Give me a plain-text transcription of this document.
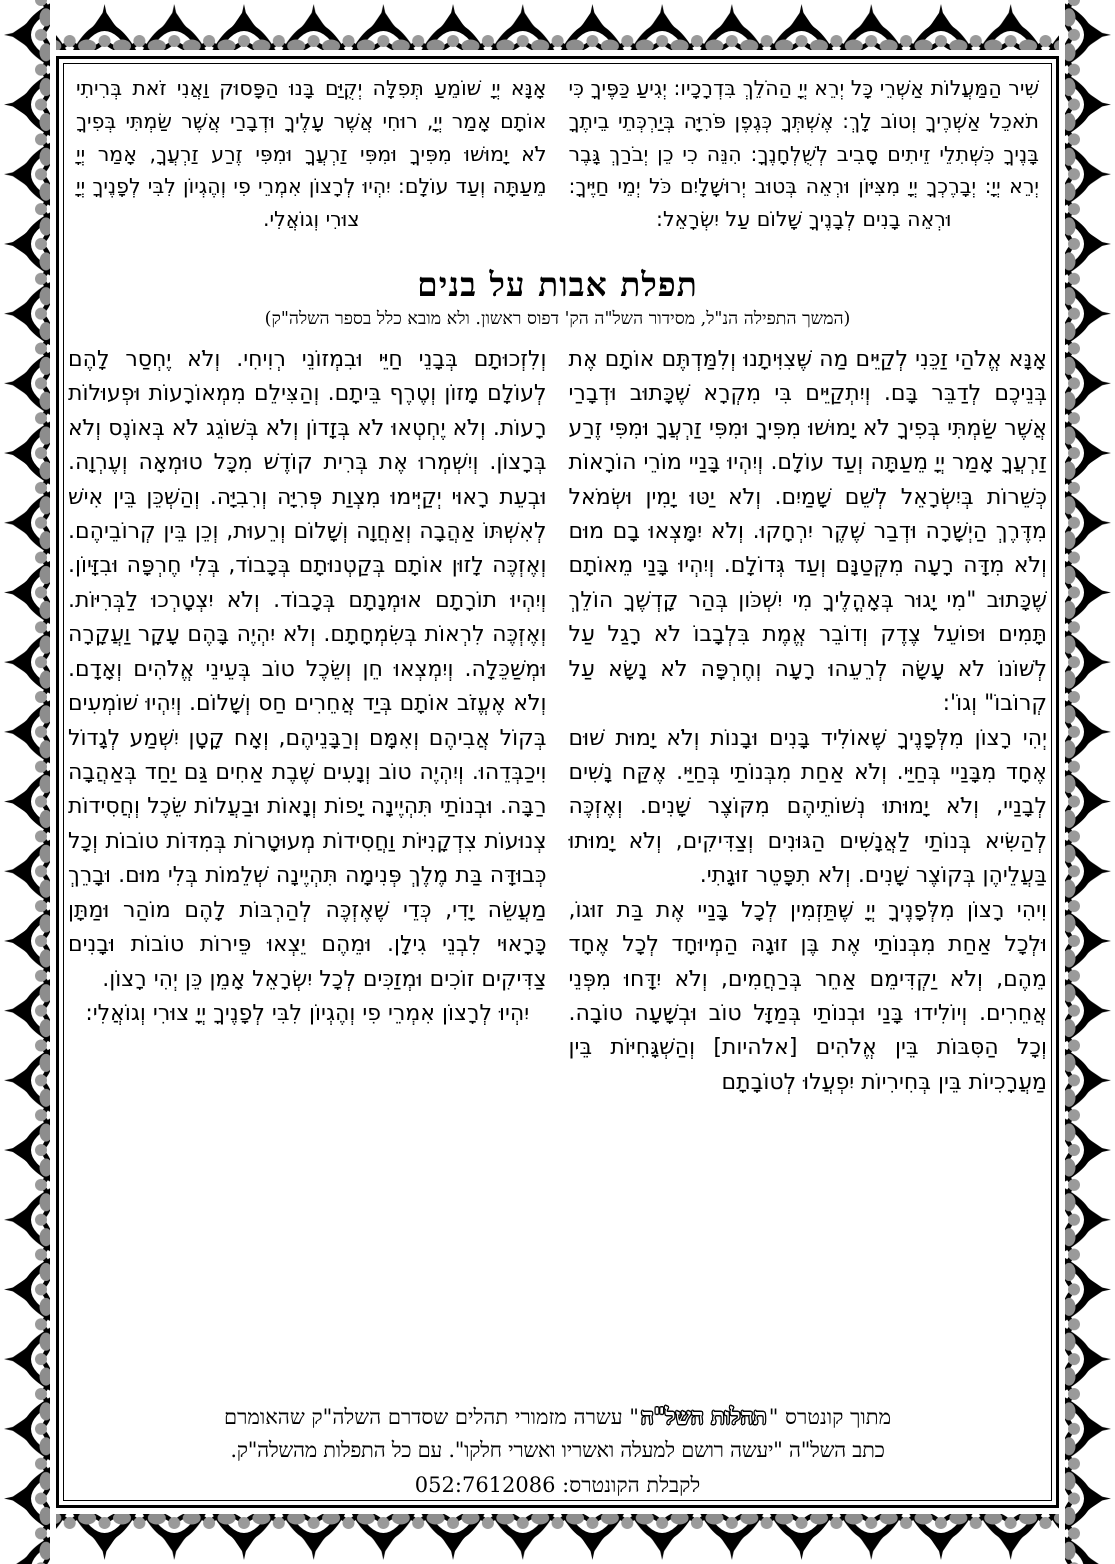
שִׁיר הַמַּעֲלוֹת אַשְׁרֵי כָּל יְרֵא יְיָ הַהֹלֵךְ בִּדְרָכָיו: יְגִיעַ כַּפֶּיךָ כִּי תֹאכֵל אַשְׁרֶיךָ וְטוֹב לָךְ: אֶשְׁתְּךָ כְּגֶפֶן פֹּרִיָּה בְּיַרְכְּתֵי בֵיתֶךָ בָּנֶיךָ כִּשְׁתִלֵי זֵיתִים סָבִיב לְשֻׁלְחָנֶךָ: הִנֵּה כִי כֵן יְבֹרַךְ גָּבֶר יְרֵא יְיָ: יְבָרֶכְךָ יְיָ מִצִּיּוֹן וּרְאֵה בְּטוּב יְרוּשָׁלָיִם כֹּל יְמֵי חַיֶּיךָ: וּרְאֵה בָנִים לְבָנֶיךָ שָׁלוֹם עַל יִשְׂרָאֵל:

אָנָּא יְיָ שׁוֹמֵעַ תְּפִלָּה יְקֻיַּם בָּנוּ הַפָּסוּק וַאֲנִי זֹאת בְּרִיתִי אוֹתָם אָמַר יְיָ, רוּחִי אֲשֶׁר עָלֶיךָ וּדְבָרַי אֲשֶׁר שַׂמְתִּי בְּפִיךָ לֹא יָמוּשׁוּ מִפִּיךָ וּמִפִּי זַרְעֲךָ וּמִפִּי זֶרַע זַרְעֲךָ, אָמַר יְיָ מֵעַתָּה וְעַד עוֹלָם: יִהְיוּ לְרָצוֹן אִמְרֵי פִי וְהֶגְיוֹן לִבִּי לְפָנֶיךָ יְיָ צוּרִי וְגוֹאֲלִי.

תפלת אבות על בנים

(המשך התפילה הנ"ל, מסידור השל"ה הק' דפוס ראשון. ולא מובא כלל בספר השלה"ק)

אָנָּא אֱלֹהַי זַכֵּנִי לְקַיֵּים מַה שֶּׁצִוִּיתָנוּ וְלִמַּדְתֶּם אוֹתָם אֶת בְּנֵיכֶם לְדַבֵּר בָּם. וְיִתְקַיֵּים בִּי מִקְרָא שֶׁכָּתוּב וּדְבָרַי אֲשֶׁר שַׂמְתִּי בְּפִיךָ לֹא יָמוּשׁוּ מִפִּיךָ וּמִפִּי זַרְעֲךָ וּמִפִּי זֶרַע זַרְעֲךָ אָמַר יְיָ מֵעַתָּה וְעַד עוֹלָם. וְיִהְיוּ בָּנַיי מוֹרֵי הוֹרָאוֹת כְּשֵׁרוֹת בְּיִשְׂרָאֵל לְשֵׁם שָׁמַיִם. וְלֹא יַטּוּ יָמִין וּשְׂמֹאל מִדֶּרֶךְ הַיְשָׁרָה וּדְבַר שֶׁקֶר יִרְחָקוּ. וְלֹא יִמָּצְאוּ בָם מוּם וְלֹא מִדָּה רָעָה מִקְּטַנָּם וְעַד גְּדוֹלָם. וְיִהְיוּ בָּנַי מֵאוֹתָם שֶׁכָּתוּב "מִי יָגוּר בְּאָהֳלֶיךָ מִי יִשְׁכֹּון בְּהַר קָדְשֶׁךָ הוֹלֵךְ תָּמִים וּפוֹעֵל צֶדֶק וְדוֹבֵר אֱמֶת בִּלְבָבוֹ לֹא רָגַל עַל לְשׁוֹנוֹ לֹא עָשָׂה לְרֵעֵהוּ רָעָה וְחֶרְפָּה לֹא נָשָׂא עַל קְרוֹבוֹ" וְגוֹ':

יְהִי רָצוֹן מִלְּפָנֶיךָ שֶׁאוֹלִיד בָּנִים וּבָנוֹת וְלֹא יָמוּת שׁוּם אֶחָד מִבָּנַיי בְּחַיַּי. וְלֹא אַחַת מִבְּנוֹתַי בְּחַיַּי. אֶקַּח נָשִׁים לְבָנַיי, וְלֹא יָמוּתוּ נְשׁוֹתֵיהֶם מִקּוֹצֶר שָׁנִים. וְאֶזְכֶּה לְהַשִּׂיא בְּנוֹתַי לַאֲנָשִׁים הַגּוּנִים וְצַדִּיקִים, וְלֹא יָמוּתוּ בַּעֲלֵיהֶן בְּקוֹצֶר שָׁנִים. וְלֹא תִפָּטֵר זוּגָתִי.

וִיהִי רָצוֹן מִלְּפָנֶיךָ יְיָ שֶׁתַּזְמִין לְכָל בָּנַיי אֶת בַּת זוּגוֹ, וּלְכָל אַחַת מִבְּנוֹתַי אֶת בֶּן זוּגָהּ הַמְיוּחָד לְכָל אֶחָד מֵהֶם, וְלֹא יַקְדִּימֵם אַחֵר בְּרַחֲמִים, וְלֹא יִדָּחוּ מִפְּנֵי אֲחֵרִים. וְיוֹלִידוּ בָּנַי וּבְנוֹתַי בְּמַזָּל טוֹב וּבְשָׁעָה טוֹבָה. וְכָל הַסִּבּוֹת בֵּין אֱלֹהִים [אלהיות] וְהַשְׁגָּחִיּוֹת בֵּין מַעֲרָכִיוֹת בֵּין בְּחִירִיוֹת יִפְעֲלוּ לְטוֹבָתָם

וְלִזְכוּתָם בְּבָנֵי חַיֵּי וּבִמְזוֹנֵי רְוִיחִי. וְלֹא יֶחְסַר לָהֶם לְעוֹלָם מָזוֹן וְטֶרֶף בֵּיתָם. וְהַצִּילֵם מִמְאוֹרָעוֹת וּפְעוּלוֹת רָעוֹת. וְלֹא יֶחְטְאוּ לֹא בְּזָדוֹן וְלֹא בְּשׁוֹגֵג לֹא בְּאוֹנֶס וְלֹא בְּרָצוֹן. וְיִשְׁמְרוּ אֶת בְּרִית קוֹדֶשׁ מִכָּל טוּמְאָה וְעֶרְוָה. וּבְעֵת רָאוּי יְקַיְּימוּ מִצְוַת פְּרִיָּה וְרִבִיָּה. וְהַשְׁכֵּן בֵּין אִישׁ לְאִשְׁתּוֹ אַהֲבָה וְאַחֲוָה וְשָׁלוֹם וְרֵעוּת, וְכֵן בֵּין קְרוֹבֵיהֶם. וְאֶזְכֶּה לָזוּן אוֹתָם בְּקַטְנוּתָם בְּכָבוֹד, בְּלִי חֶרְפָּה וּבִזָּיוֹן. וְיִהְיוּ תוֹרָתָם אוּמְנָתָם בְּכָבוֹד. וְלֹא יִצְטָרְכוּ לַבְּרִיּוֹת. וְאֶזְכֶּה לִרְאוֹת בְּשִׂמְחָתָם. וְלֹא יִהְיֶה בָּהֶם עָקָר וַעֲקָרָה וּמְשַׁכֵּלָה. וְיִמְצְאוּ חֵן וְשֵׂכֶל טוֹב בְּעֵינֵי אֱלֹהִים וְאָדָם. וְלֹא אֶעֱזֹב אוֹתָם בְּיַד אֲחֵרִים חַס וְשָׁלוֹם. וְיִהְיוּ שׁוֹמְעִים בְּקוֹל אֲבִיהֶם וְאִמָּם וְרַבָּנֵיהֶם, וְאָח קָטָן יִשְׁמַע לְגָדוֹל וִיכַבְּדֵהוּ. וְיִהְיֶה טוֹב וְנָעִים שֶׁבֶת אַחִים גַּם יַחַד בְּאַהֲבָה רַבָּה. וּבְנוֹתַי תִּהְיֶינָה יָפוֹת וְנָאוֹת וּבַעֲלוֹת שֵׂכֶל וְחֲסִידוֹת צְנוּעוֹת צִדְקָנִיּוֹת וַחֲסִידוֹת מְעוּטָרוֹת בְּמִדּוֹת טוֹבוֹת וְכָל כְּבוּדָּה בַּת מֶלֶךְ פְּנִימָה תִּהְיֶינָה שְׁלֵמוֹת בְּלִי מוּם. וּבָרֵךְ מַעֲשֵׂה יָדִי, כְּדֵי שֶׁאֶזְכֶּה לְהַרְבּוֹת לָהֶם מוֹהַר וּמַתָּן כָּרָאוּי לִבְנֵי גִילָן. וּמֵהֶם יֵצְאוּ פֵּירוֹת טוֹבוֹת וּבָנִים צַדִּיקִים זוֹכִים וּמְזַכִּים לְכָל יִשְׂרָאֵל אָמֵן כֵּן יְהִי רָצוֹן.

יִהְיוּ לְרָצוֹן אִמְרֵי פִי וְהֶגְיוֹן לִבִּי לְפָנֶיךָ יְיָ צוּרִי וְגוֹאֲלִי:

מתוך קונטרס "תהלות השל"ה" עשרה מזמורי תהלים שסדרם השלה"ק שהאומרם

כתב השל"ה "יעשה רושם למעלה ואשריו ואשרי חלקו". עם כל התפלות מהשלה"ק.

לקבלת הקונטרס: 052:7612086
